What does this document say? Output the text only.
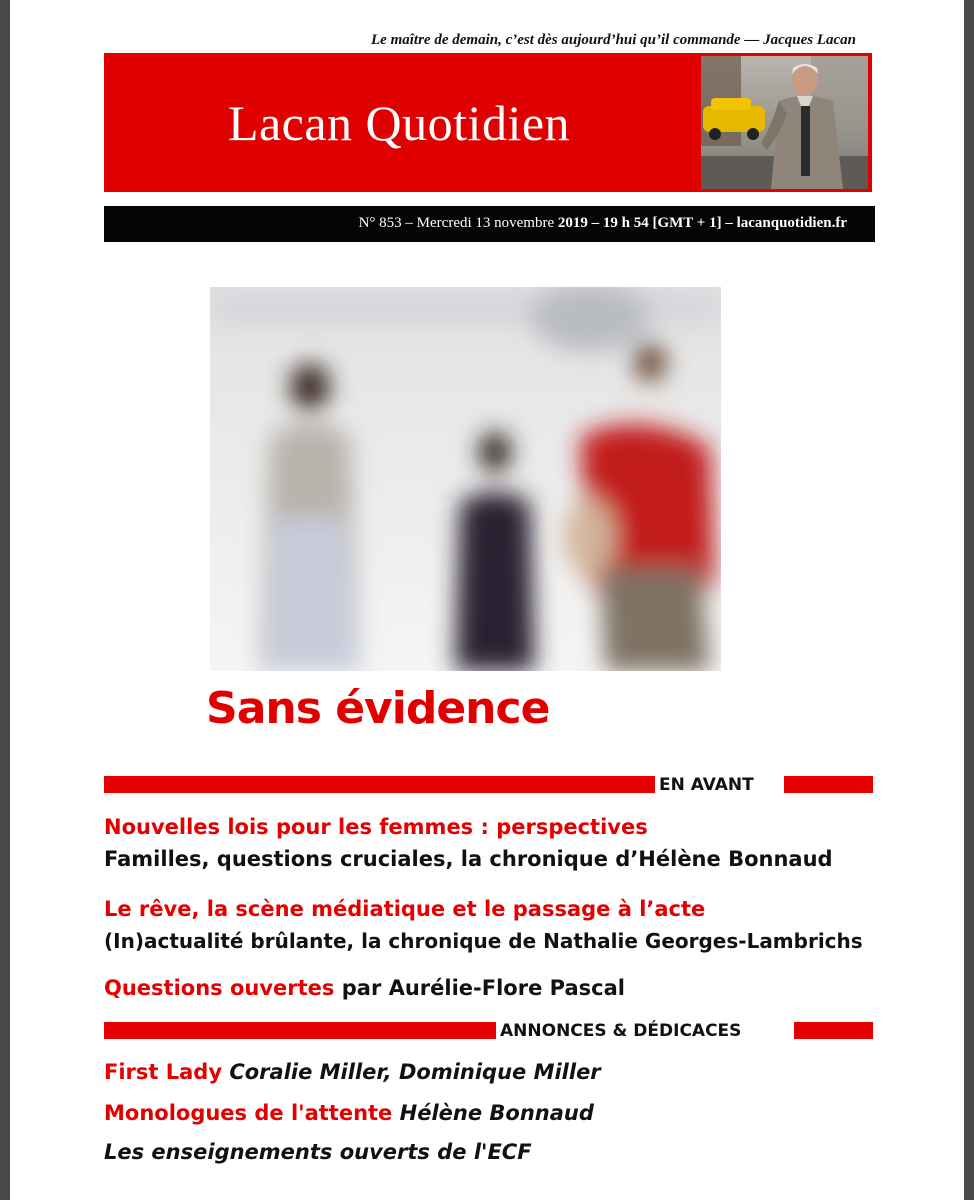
Le maître de demain, c’est dès aujourd’hui qu’il commande — Jacques Lacan
Lacan Quotidien
N° 853 – Mercredi 13 novembre 2019 – 19 h 54 [GMT + 1] – lacanquotidien.fr
Sans évidence
EN AVANT
Nouvelles lois pour les femmes : perspectives
Familles, questions cruciales, la chronique d’Hélène Bonnaud
Le rêve, la scène médiatique et le passage à l’acte
(In)actualité brûlante, la chronique de Nathalie Georges-Lambrichs
Questions ouvertes par Aurélie-Flore Pascal
ANNONCES & DÉDICACES
First Lady Coralie Miller, Dominique Miller
Monologues de l'attente Hélène Bonnaud
Les enseignements ouverts de l'ECF
